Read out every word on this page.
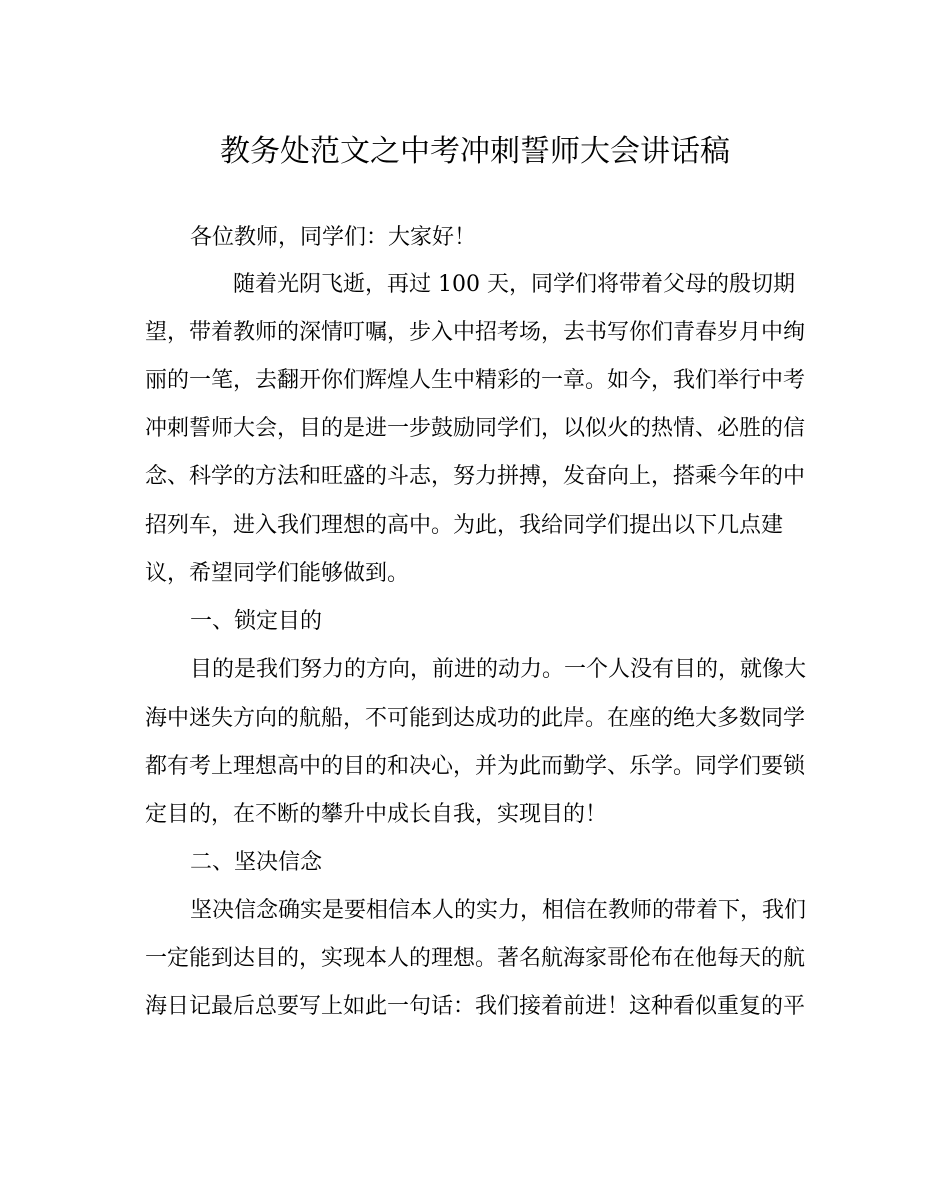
教务处范文之中考冲刺誓师大会讲话稿
各位教师，同学们：大家好！
随着光阴飞逝，再过 100 天，同学们将带着父母的殷切期
望，带着教师的深情叮嘱，步入中招考场，去书写你们青春岁月中绚
丽的一笔，去翻开你们辉煌人生中精彩的一章。如今，我们举行中考
冲刺誓师大会，目的是进一步鼓励同学们，以似火的热情、必胜的信
念、科学的方法和旺盛的斗志，努力拼搏，发奋向上，搭乘今年的中
招列车，进入我们理想的高中。为此，我给同学们提出以下几点建
议，希望同学们能够做到。
一、锁定目的
目的是我们努力的方向，前进的动力。一个人没有目的，就像大
海中迷失方向的航船，不可能到达成功的此岸。在座的绝大多数同学
都有考上理想高中的目的和决心，并为此而勤学、乐学。同学们要锁
定目的，在不断的攀升中成长自我，实现目的！
二、坚决信念
坚决信念确实是要相信本人的实力，相信在教师的带着下，我们
一定能到达目的，实现本人的理想。著名航海家哥伦布在他每天的航
海日记最后总要写上如此一句话：我们接着前进！这种看似重复的平
